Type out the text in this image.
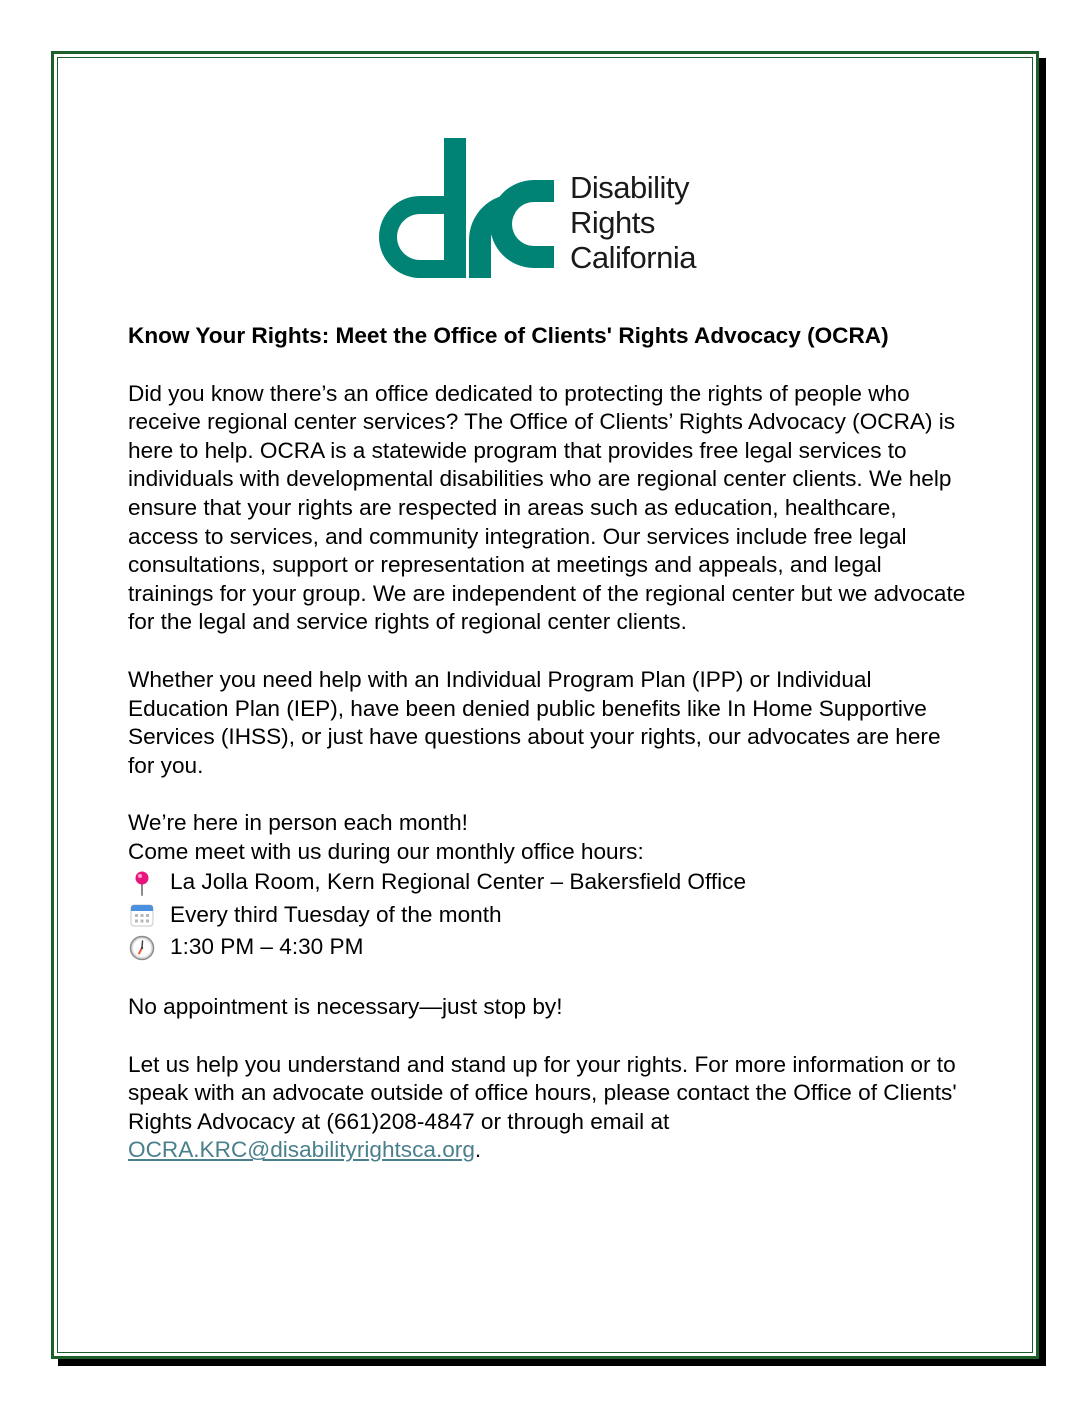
Disability
Rights
California
Know Your Rights: Meet the Office of Clients' Rights Advocacy (OCRA)

Did you know there’s an office dedicated to protecting the rights of people who receive regional center services? The Office of Clients’ Rights Advocacy (OCRA) is here to help. OCRA is a statewide program that provides free legal services to individuals with developmental disabilities who are regional center clients. We help ensure that your rights are respected in areas such as education, healthcare, access to services, and community integration. Our services include free legal consultations, support or representation at meetings and appeals, and legal trainings for your group. We are independent of the regional center but we advocate for the legal and service rights of regional center clients.

Whether you need help with an Individual Program Plan (IPP) or Individual Education Plan (IEP), have been denied public benefits like In Home Supportive Services (IHSS), or just have questions about your rights, our advocates are here for you.

We’re here in person each month!
Come meet with us during our monthly office hours:
La Jolla Room, Kern Regional Center – Bakersfield Office
Every third Tuesday of the month
1:30 PM – 4:30 PM

No appointment is necessary—just stop by!

Let us help you understand and stand up for your rights. For more information or to speak with an advocate outside of office hours, please contact the Office of Clients' Rights Advocacy at (661)208-4847 or through email at OCRA.KRC@disabilityrightsca.org.
